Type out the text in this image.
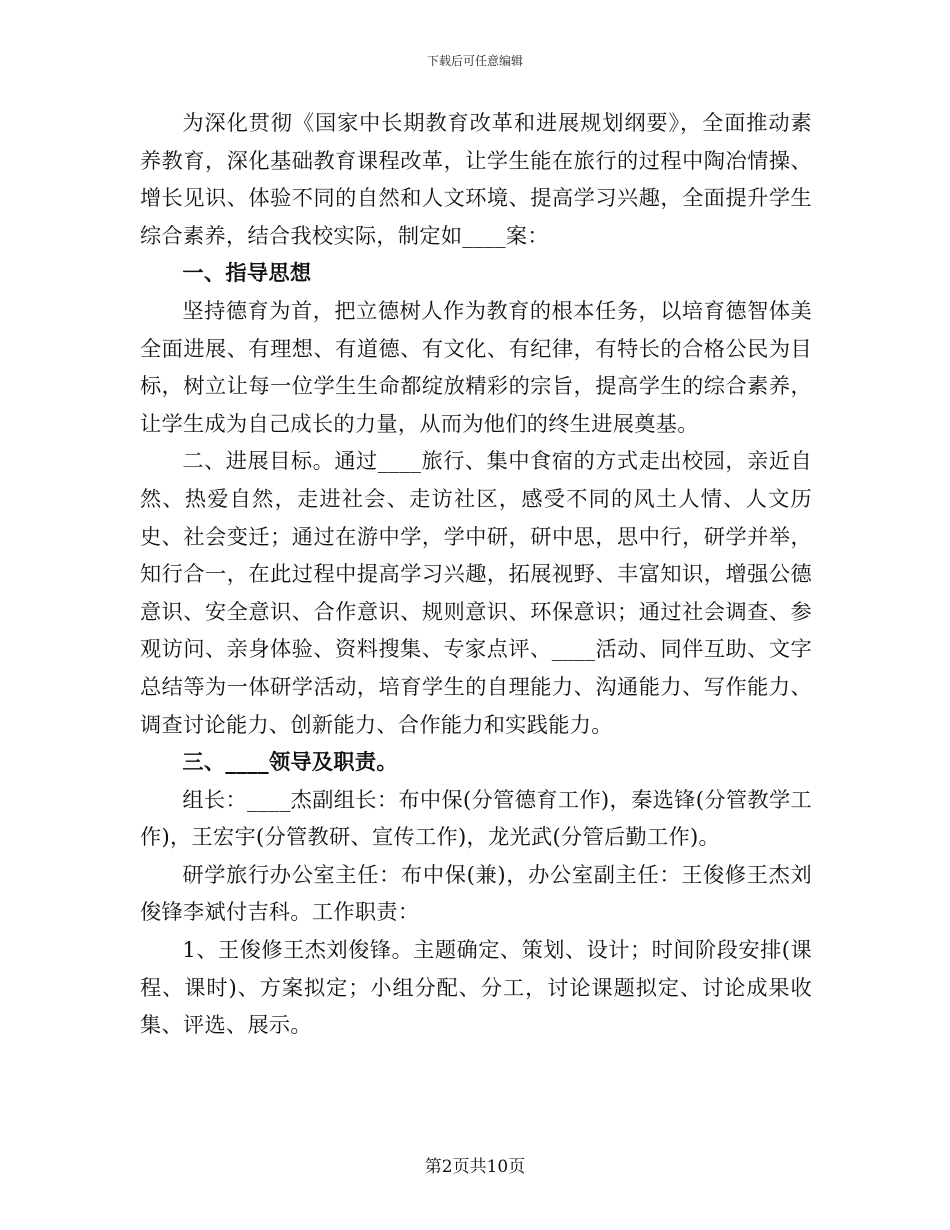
下载后可任意编辑

为深化贯彻《国家中长期教育改革和进展规划纲要》，全面推动素养教育，深化基础教育课程改革，让学生能在旅行的过程中陶冶情操、增长见识、体验不同的自然和人文环境、提高学习兴趣，全面提升学生综合素养，结合我校实际，制定如____案：

一、指导思想

坚持德育为首，把立德树人作为教育的根本任务，以培育德智体美全面进展、有理想、有道德、有文化、有纪律，有特长的合格公民为目标，树立让每一位学生生命都绽放精彩的宗旨，提高学生的综合素养，让学生成为自己成长的力量，从而为他们的终生进展奠基。

二、进展目标。通过____旅行、集中食宿的方式走出校园，亲近自然、热爱自然，走进社会、走访社区，感受不同的风土人情、人文历史、社会变迁；通过在游中学，学中研，研中思，思中行，研学并举，知行合一，在此过程中提高学习兴趣，拓展视野、丰富知识，增强公德意识、安全意识、合作意识、规则意识、环保意识；通过社会调查、参观访问、亲身体验、资料搜集、专家点评、____活动、同伴互助、文字总结等为一体研学活动，培育学生的自理能力、沟通能力、写作能力、调查讨论能力、创新能力、合作能力和实践能力。

三、____领导及职责。

组长：____杰副组长：布中保(分管德育工作)，秦选锋(分管教学工作)，王宏宇(分管教研、宣传工作)，龙光武(分管后勤工作)。

研学旅行办公室主任：布中保(兼)，办公室副主任：王俊修王杰刘俊锋李斌付吉科。工作职责：

1、王俊修王杰刘俊锋。主题确定、策划、设计；时间阶段安排(课程、课时)、方案拟定；小组分配、分工，讨论课题拟定、讨论成果收集、评选、展示。

第2页共10页
